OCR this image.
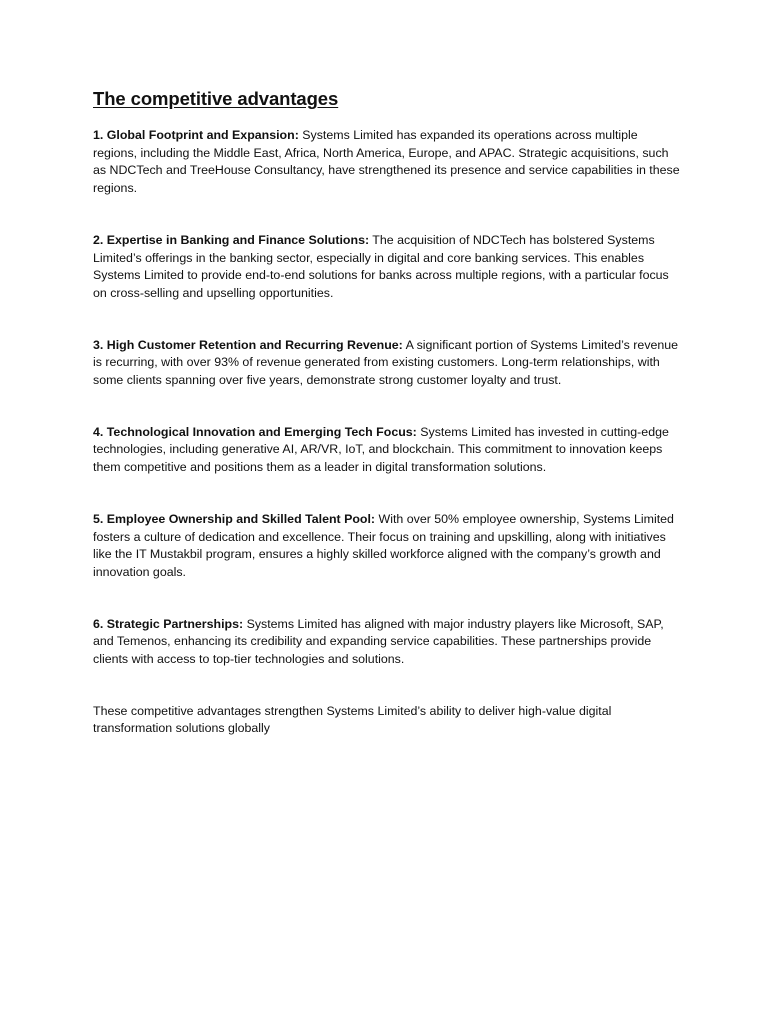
The competitive advantages

1. Global Footprint and Expansion: Systems Limited has expanded its operations across multiple regions, including the Middle East, Africa, North America, Europe, and APAC. Strategic acquisitions, such as NDCTech and TreeHouse Consultancy, have strengthened its presence and service capabilities in these regions.

2. Expertise in Banking and Finance Solutions: The acquisition of NDCTech has bolstered Systems Limited’s offerings in the banking sector, especially in digital and core banking services. This enables Systems Limited to provide end-to-end solutions for banks across multiple regions, with a particular focus on cross-selling and upselling opportunities.

3. High Customer Retention and Recurring Revenue: A significant portion of Systems Limited’s revenue is recurring, with over 93% of revenue generated from existing customers. Long-term relationships, with some clients spanning over five years, demonstrate strong customer loyalty and trust.

4. Technological Innovation and Emerging Tech Focus: Systems Limited has invested in cutting-edge technologies, including generative AI, AR/VR, IoT, and blockchain. This commitment to innovation keeps them competitive and positions them as a leader in digital transformation solutions.

5. Employee Ownership and Skilled Talent Pool: With over 50% employee ownership, Systems Limited fosters a culture of dedication and excellence. Their focus on training and upskilling, along with initiatives like the IT Mustakbil program, ensures a highly skilled workforce aligned with the company’s growth and innovation goals.

6. Strategic Partnerships: Systems Limited has aligned with major industry players like Microsoft, SAP, and Temenos, enhancing its credibility and expanding service capabilities. These partnerships provide clients with access to top-tier technologies and solutions.

These competitive advantages strengthen Systems Limited’s ability to deliver high-value digital transformation solutions globally
